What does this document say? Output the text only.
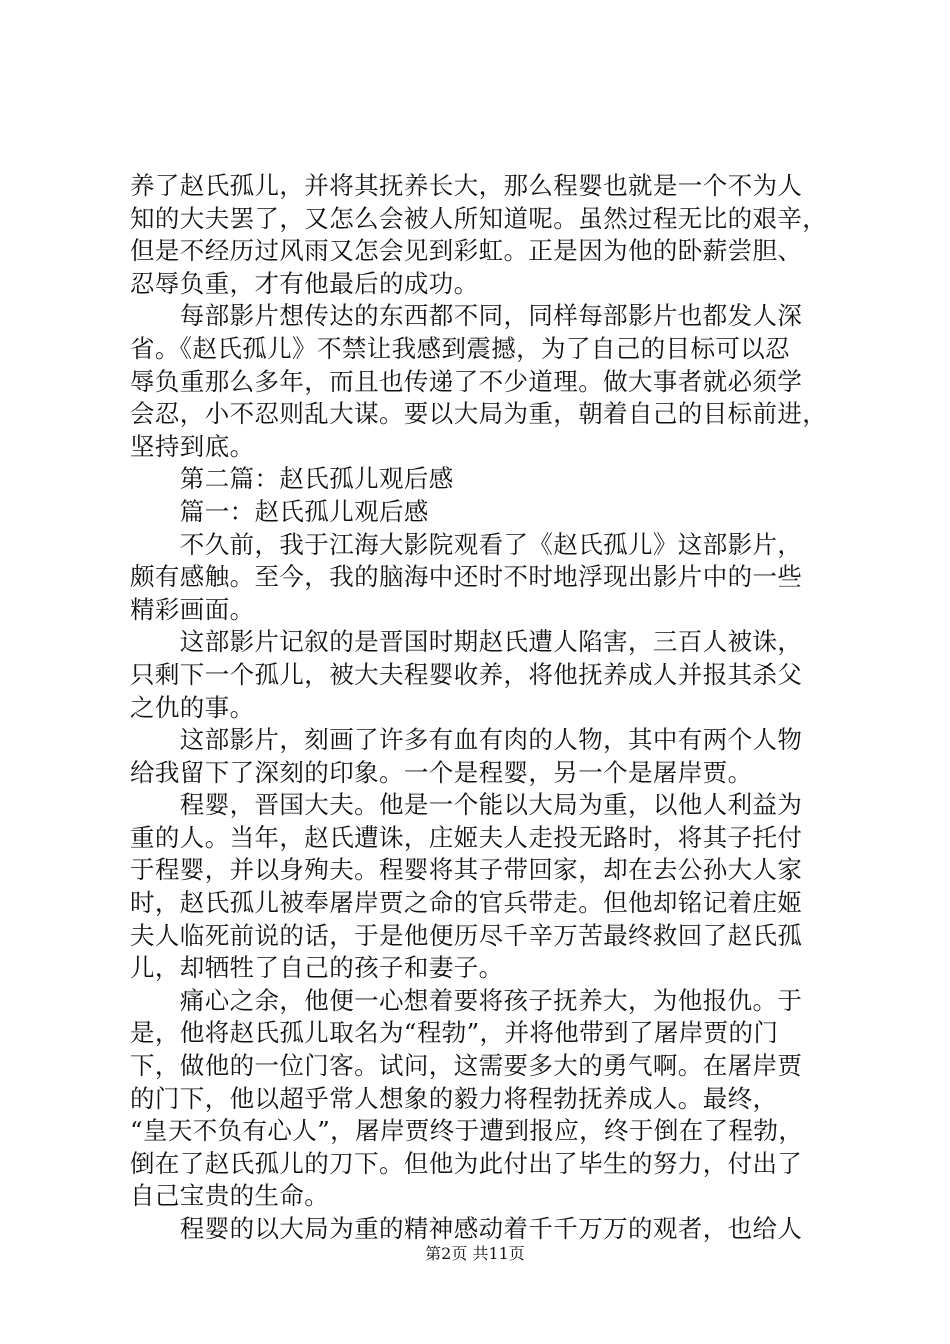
养了赵氏孤儿，并将其抚养长大，那么程婴也就是一个不为人
知的大夫罢了，又怎么会被人所知道呢。虽然过程无比的艰辛，
但是不经历过风雨又怎会见到彩虹。正是因为他的卧薪尝胆、
忍辱负重，才有他最后的成功。
　　每部影片想传达的东西都不同，同样每部影片也都发人深
省。《赵氏孤儿》不禁让我感到震撼，为了自己的目标可以忍
辱负重那么多年，而且也传递了不少道理。做大事者就必须学
会忍，小不忍则乱大谋。要以大局为重，朝着自己的目标前进，
坚持到底。
　　第二篇：赵氏孤儿观后感
　　篇一：赵氏孤儿观后感
　　不久前，我于江海大影院观看了《赵氏孤儿》这部影片，
颇有感触。至今，我的脑海中还时不时地浮现出影片中的一些
精彩画面。
　　这部影片记叙的是晋国时期赵氏遭人陷害，三百人被诛，
只剩下一个孤儿，被大夫程婴收养，将他抚养成人并报其杀父
之仇的事。
　　这部影片，刻画了许多有血有肉的人物，其中有两个人物
给我留下了深刻的印象。一个是程婴，另一个是屠岸贾。
　　程婴，晋国大夫。他是一个能以大局为重，以他人利益为
重的人。当年，赵氏遭诛，庄姬夫人走投无路时，将其子托付
于程婴，并以身殉夫。程婴将其子带回家，却在去公孙大人家
时，赵氏孤儿被奉屠岸贾之命的官兵带走。但他却铭记着庄姬
夫人临死前说的话，于是他便历尽千辛万苦最终救回了赵氏孤
儿，却牺牲了自己的孩子和妻子。
　　痛心之余，他便一心想着要将孩子抚养大，为他报仇。于
是，他将赵氏孤儿取名为“程勃”，并将他带到了屠岸贾的门
下，做他的一位门客。试问，这需要多大的勇气啊。在屠岸贾
的门下，他以超乎常人想象的毅力将程勃抚养成人。最终，
“皇天不负有心人”，屠岸贾终于遭到报应，终于倒在了程勃，
倒在了赵氏孤儿的刀下。但他为此付出了毕生的努力，付出了
自己宝贵的生命。
　　程婴的以大局为重的精神感动着千千万万的观者，也给人
第2页 共11页
